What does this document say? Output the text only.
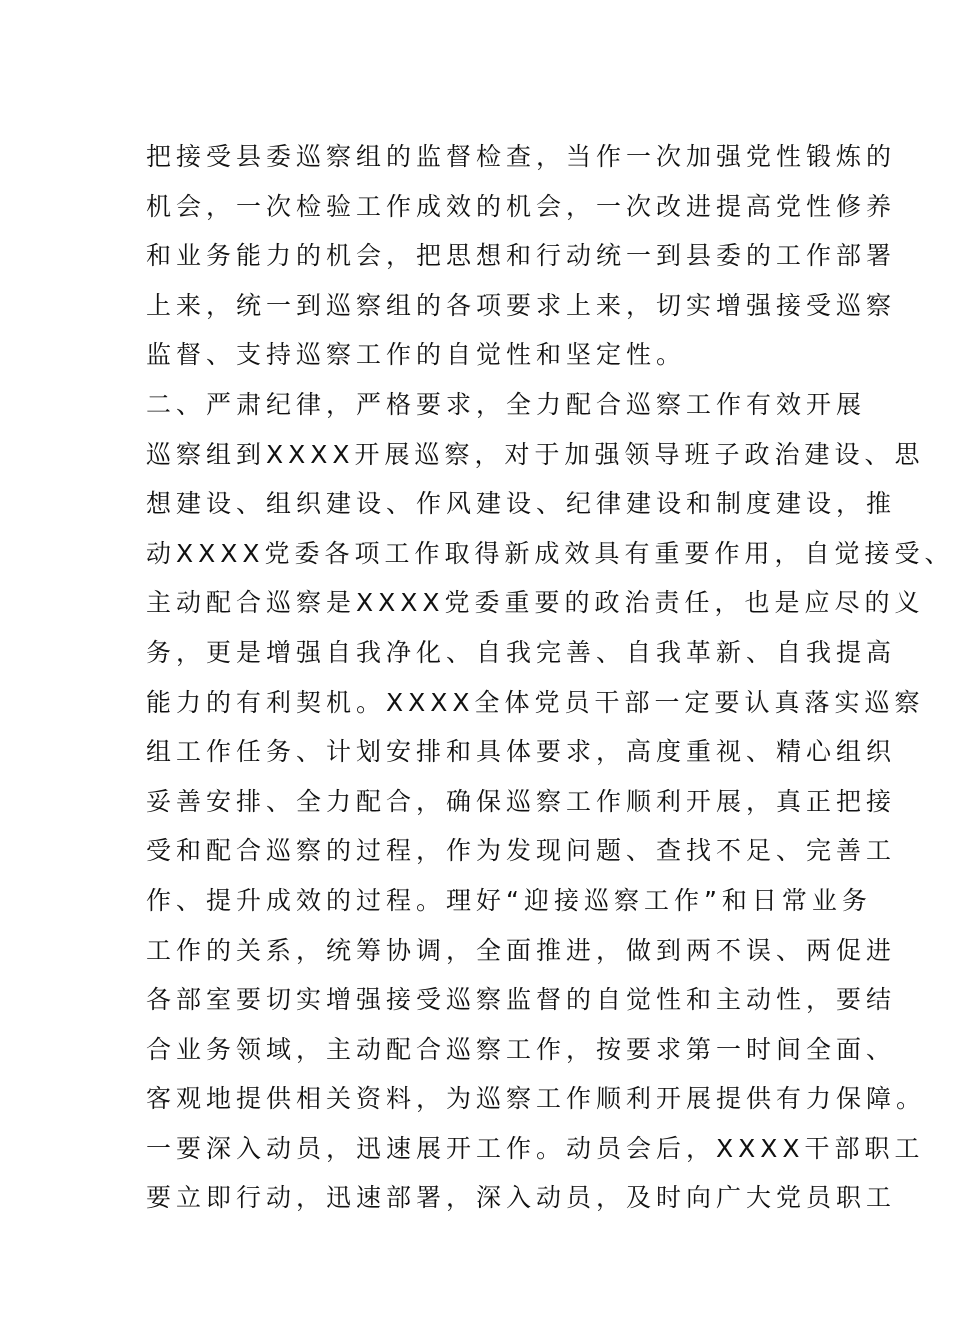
把接受县委巡察组的监督检查，当作一次加强党性锻炼的
机会，一次检验工作成效的机会，一次改进提高党性修养
和业务能力的机会，把思想和行动统一到县委的工作部署
上来，统一到巡察组的各项要求上来，切实增强接受巡察
监督、支持巡察工作的自觉性和坚定性。
二、严肃纪律，严格要求，全力配合巡察工作有效开展
巡察组到XXXX开展巡察，对于加强领导班子政治建设、思
想建设、组织建设、作风建设、纪律建设和制度建设，推
动XXXX党委各项工作取得新成效具有重要作用，自觉接受、
主动配合巡察是XXXX党委重要的政治责任，也是应尽的义
务，更是增强自我净化、自我完善、自我革新、自我提高
能力的有利契机。XXXX全体党员干部一定要认真落实巡察
组工作任务、计划安排和具体要求，高度重视、精心组织
妥善安排、全力配合，确保巡察工作顺利开展，真正把接
受和配合巡察的过程，作为发现问题、查找不足、完善工
作、提升成效的过程。理好“迎接巡察工作”和日常业务
工作的关系，统筹协调，全面推进，做到两不误、两促进
各部室要切实增强接受巡察监督的自觉性和主动性，要结
合业务领域，主动配合巡察工作，按要求第一时间全面、
客观地提供相关资料，为巡察工作顺利开展提供有力保障。
一要深入动员，迅速展开工作。动员会后，XXXX干部职工
要立即行动，迅速部署，深入动员，及时向广大党员职工
